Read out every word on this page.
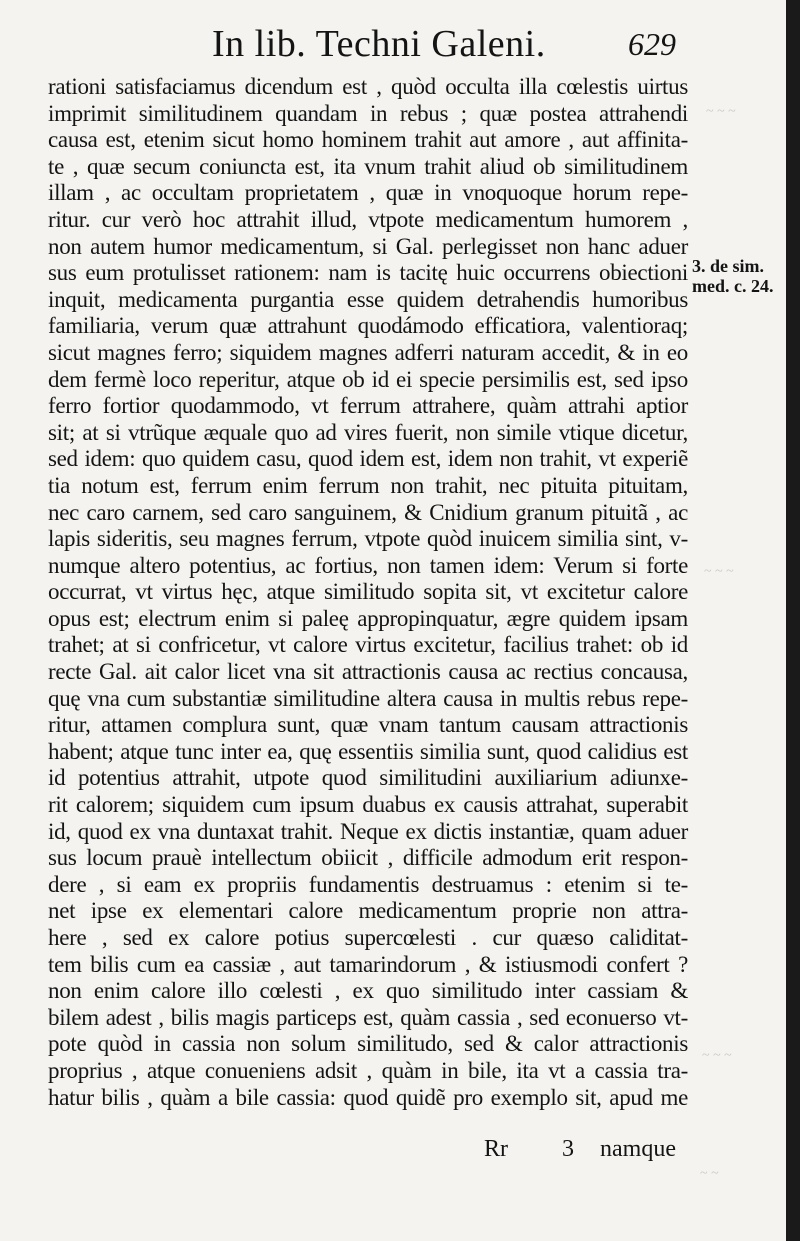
In lib. Techni Galeni.	629
rationi satisfaciamus dicendum est , quòd occulta illa cœlestis uirtus
imprimit similitudinem quandam in rebus ; quæ postea attrahendi
causa est, etenim sicut homo hominem trahit aut amore , aut affinita-
te , quæ secum coniuncta est, ita vnum trahit aliud ob similitudinem
illam , ac occultam proprietatem , quæ in vnoquoque horum repe-
ritur. cur verò hoc attrahit illud, vtpote medicamentum humorem ,
non autem humor medicamentum, si Gal. perlegisset non hanc aduer
sus eum protulisset rationem: nam is tacitę huic occurrens obiectioni
inquit, medicamenta purgantia esse quidem detrahendis humoribus
familiaria, verum quæ attrahunt quodámodo efficatiora, valentioraq;
sicut magnes ferro; siquidem magnes adferri naturam accedit, & in eo
dem fermè loco reperitur, atque ob id ei specie persimilis est, sed ipso
ferro fortior quodammodo, vt ferrum attrahere, quàm attrahi aptior
sit; at si vtrũque æquale quo ad vires fuerit, non simile vtique dicetur,
sed idem: quo quidem casu, quod idem est, idem non trahit, vt experiẽ
tia notum est, ferrum enim ferrum non trahit, nec pituita pituitam,
nec caro carnem, sed caro sanguinem, & Cnidium granum pituitã , ac
lapis sideritis, seu magnes ferrum, vtpote quòd inuicem similia sint, v-
numque altero potentius, ac fortius, non tamen idem: Verum si forte
occurrat, vt virtus hęc, atque similitudo sopita sit, vt excitetur calore
opus est; electrum enim si paleę appropinquatur, ægre quidem ipsam
trahet; at si confricetur, vt calore virtus excitetur, facilius trahet: ob id
recte Gal. ait calor licet vna sit attractionis causa ac rectius concausa,
quę vna cum substantiæ similitudine altera causa in multis rebus repe-
ritur, attamen complura sunt, quæ vnam tantum causam attractionis
habent; atque tunc inter ea, quę essentiis similia sunt, quod calidius est
id potentius attrahit, utpote quod similitudini auxiliarium adiunxe-
rit calorem; siquidem cum ipsum duabus ex causis attrahat, superabit
id, quod ex vna duntaxat trahit. Neque ex dictis instantiæ, quam aduer
sus locum prauè intellectum obiicit , difficile admodum erit respon-
dere , si eam ex propriis fundamentis destruamus : etenim si te-
net ipse ex elementari calore medicamentum proprie non attra-
here , sed ex calore potius supercœlesti . cur quæso caliditat-
tem bilis cum ea cassiæ , aut tamarindorum , & istiusmodi confert ?
non enim calore illo cœlesti , ex quo similitudo inter cassiam &
bilem adest , bilis magis particeps est, quàm cassia , sed econuerso vt-
pote quòd in cassia non solum similitudo, sed & calor attractionis
proprius , atque conueniens adsit , quàm in bile, ita vt a cassia tra-
hatur bilis , quàm a bile cassia: quod quidẽ pro exemplo sit, apud me
3. de sim.
med. c. 24.
~ ~ ~
~ ~ ~
~ ~ ~
~ ~
Rr 3 namque
